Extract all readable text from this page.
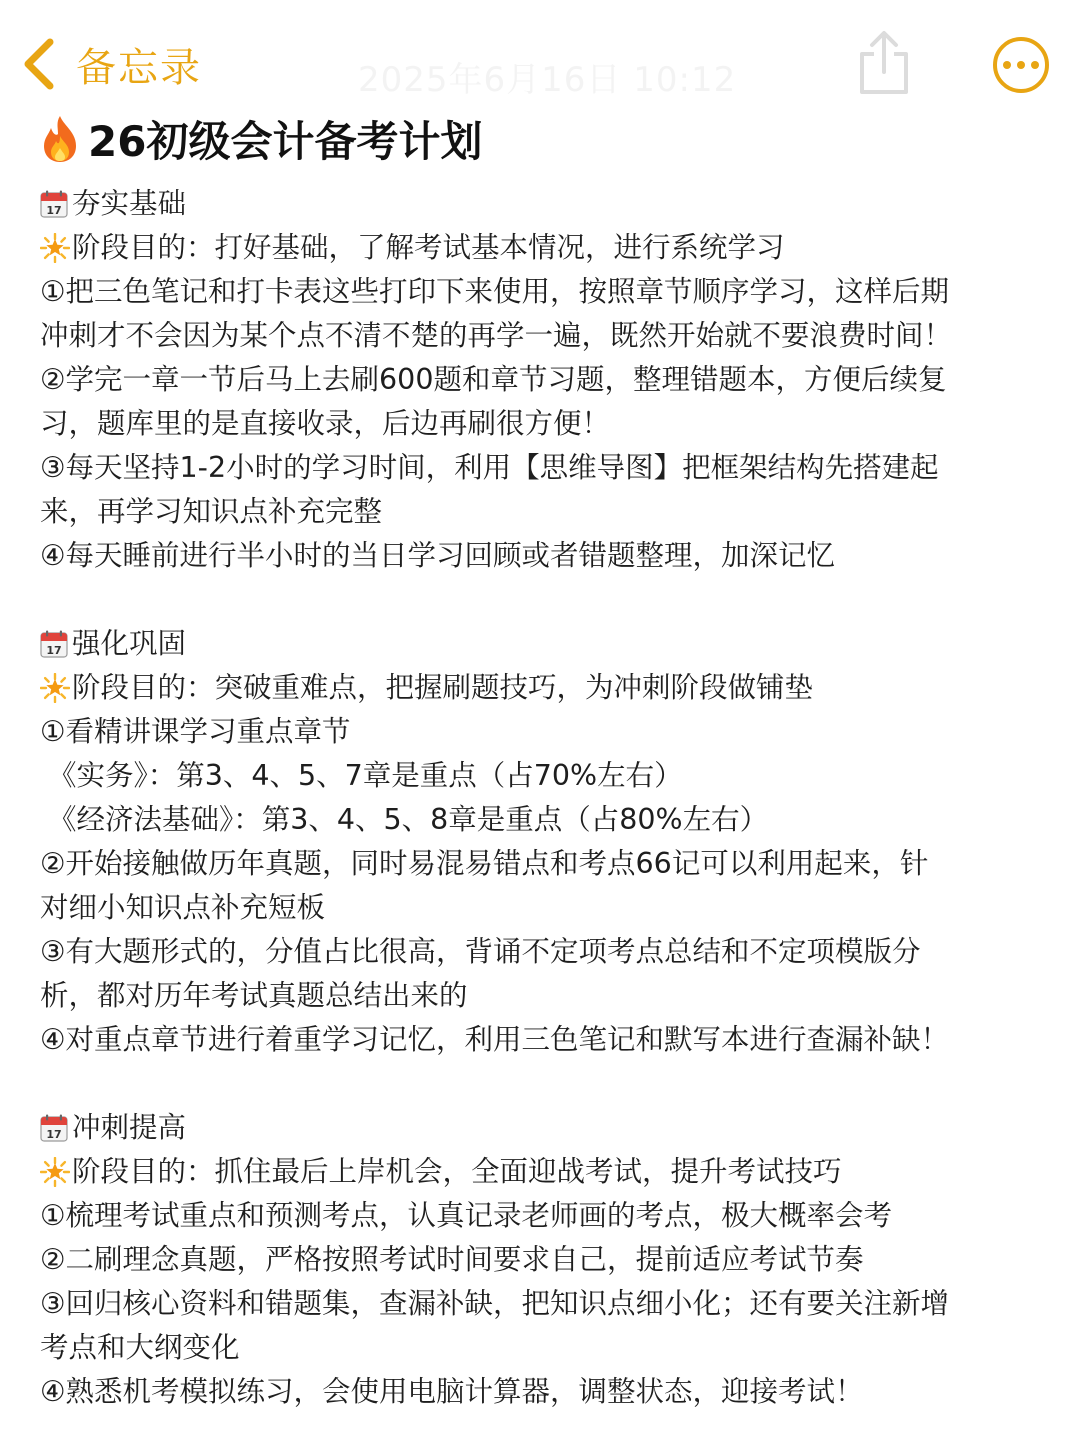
备忘录	2025年6月16日 10:12
26初级会计备考计划
17 夯实基础
阶段目的：打好基础，了解考试基本情况，进行系统学习
①把三色笔记和打卡表这些打印下来使用，按照章节顺序学习，这样后期
冲刺才不会因为某个点不清不楚的再学一遍，既然开始就不要浪费时间！
②学完一章一节后马上去刷600题和章节习题，整理错题本，方便后续复
习，题库里的是直接收录，后边再刷很方便！
③每天坚持1-2小时的学习时间，利用【思维导图】把框架结构先搭建起
来，再学习知识点补充完整
④每天睡前进行半小时的当日学习回顾或者错题整理，加深记忆
17 强化巩固
阶段目的：突破重难点，把握刷题技巧，为冲刺阶段做铺垫
①看精讲课学习重点章节
《实务》：第3、4、5、7章是重点（占70%左右）
《经济法基础》：第3、4、5、8章是重点（占80%左右）
②开始接触做历年真题，同时易混易错点和考点66记可以利用起来，针
对细小知识点补充短板
③有大题形式的，分值占比很高，背诵不定项考点总结和不定项模版分
析，都对历年考试真题总结出来的
④对重点章节进行着重学习记忆，利用三色笔记和默写本进行查漏补缺！
17 冲刺提高
阶段目的：抓住最后上岸机会，全面迎战考试，提升考试技巧
①梳理考试重点和预测考点，认真记录老师画的考点，极大概率会考
②二刷理念真题，严格按照考试时间要求自己，提前适应考试节奏
③回归核心资料和错题集，查漏补缺，把知识点细小化；还有要关注新增
考点和大纲变化
④熟悉机考模拟练习，会使用电脑计算器，调整状态，迎接考试！
